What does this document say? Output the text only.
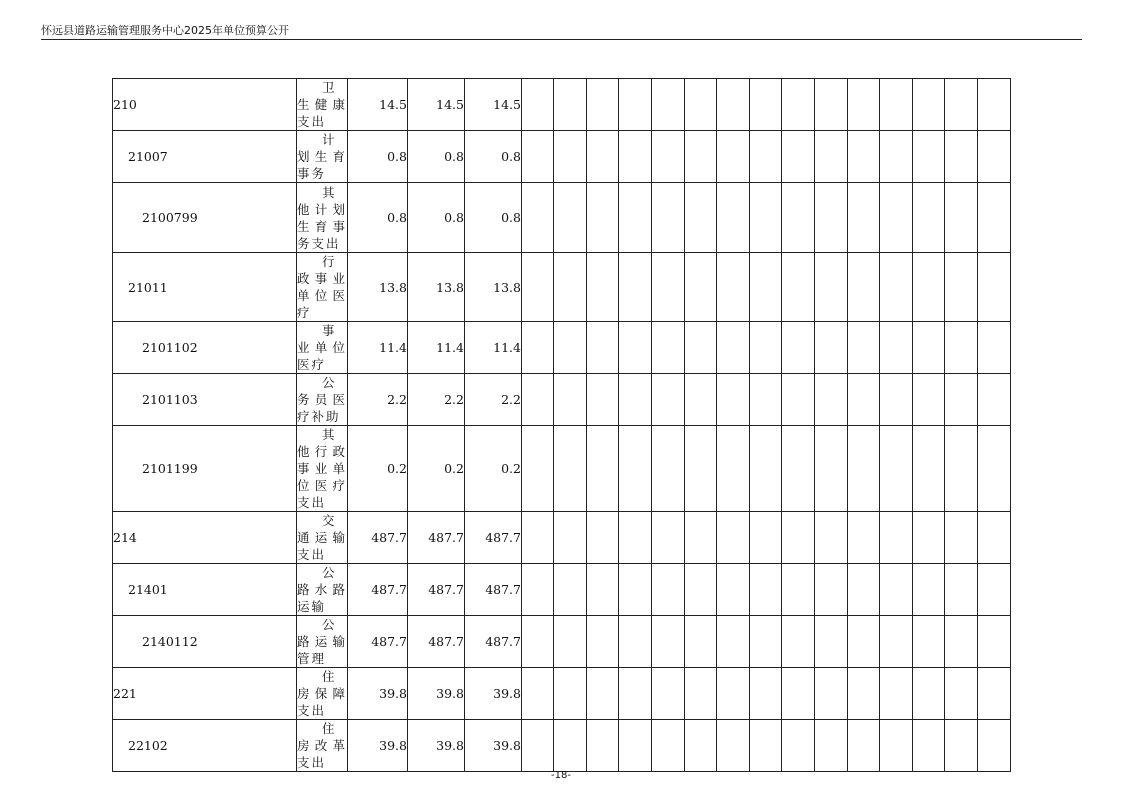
怀远县道路运输管理服务中心2025年单位预算公开
210	卫生健康支出	14.5	14.5	14.5															
21007	计划生育事务	0.8	0.8	0.8															
2100799	其他计划生育事务支出	0.8	0.8	0.8															
21011	行政事业单位医疗	13.8	13.8	13.8															
2101102	事业单位医疗	11.4	11.4	11.4															
2101103	公务员医疗补助	2.2	2.2	2.2															
2101199	其他行政事业单位医疗支出	0.2	0.2	0.2															
214	交通运输支出	487.7	487.7	487.7															
21401	公路水路运输	487.7	487.7	487.7															
2140112	公路运输管理	487.7	487.7	487.7															
221	住房保障支出	39.8	39.8	39.8															
22102	住房改革支出	39.8	39.8	39.8															
-18-
